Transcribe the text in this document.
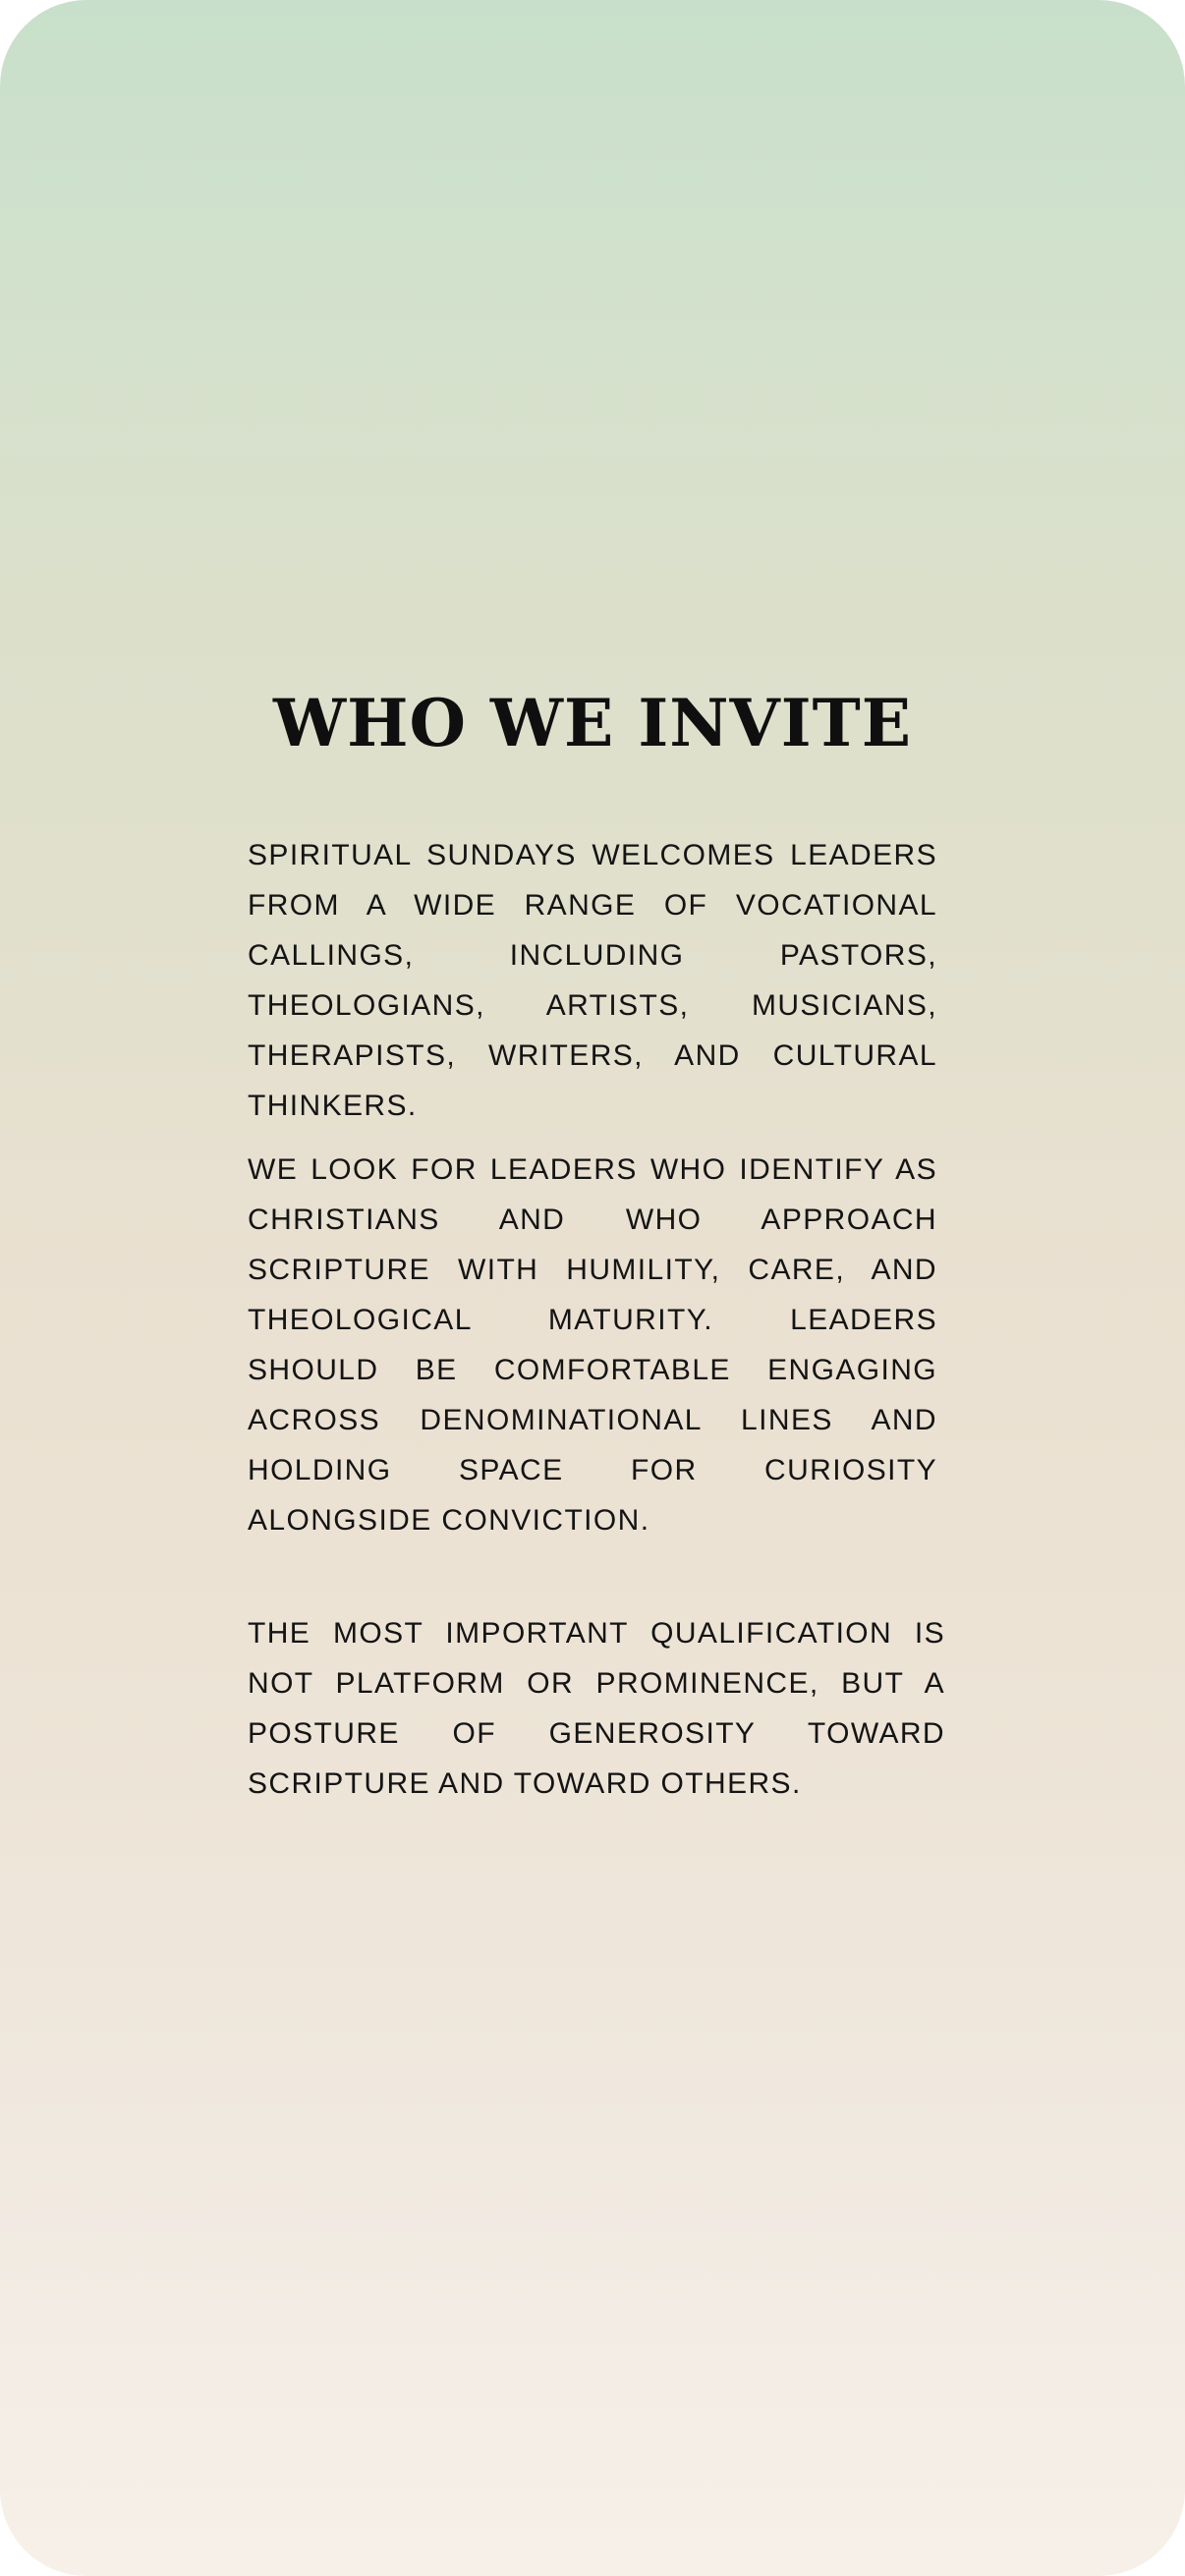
WHO WE INVITE

SPIRITUAL SUNDAYS WELCOMES LEADERS FROM A WIDE RANGE OF VOCATIONAL CALLINGS, INCLUDING PASTORS, THEOLOGIANS, ARTISTS, MUSICIANS, THERAPISTS, WRITERS, AND CULTURAL THINKERS.

WE LOOK FOR LEADERS WHO IDENTIFY AS CHRISTIANS AND WHO APPROACH SCRIPTURE WITH HUMILITY, CARE, AND THEOLOGICAL MATURITY. LEADERS SHOULD BE COMFORTABLE ENGAGING ACROSS DENOMINATIONAL LINES AND HOLDING SPACE FOR CURIOSITY ALONGSIDE CONVICTION.

THE MOST IMPORTANT QUALIFICATION IS NOT PLATFORM OR PROMINENCE, BUT A POSTURE OF GENEROSITY TOWARD SCRIPTURE AND TOWARD OTHERS.
